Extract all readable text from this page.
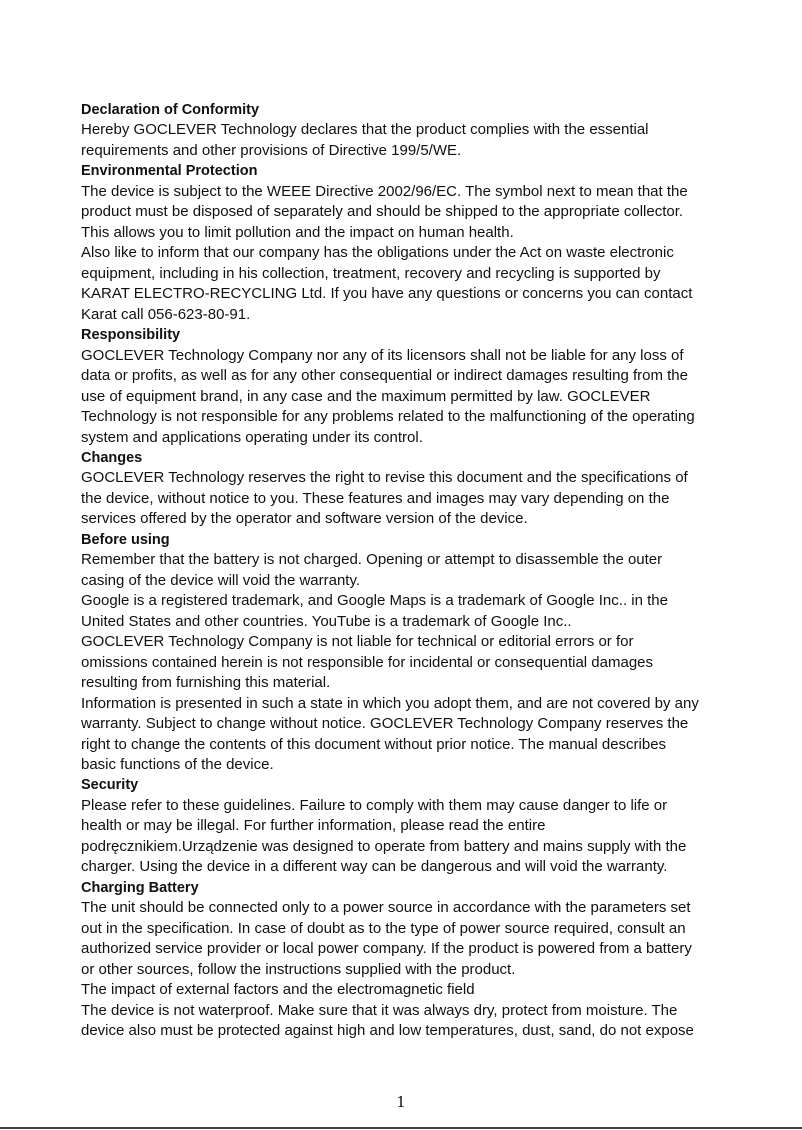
Declaration of Conformity
Hereby GOCLEVER Technology declares that the product complies with the essential
requirements and other provisions of Directive 199/5/WE.
Environmental Protection
The device is subject to the WEEE Directive 2002/96/EC. The symbol next to mean that the
product must be disposed of separately and should be shipped to the appropriate collector.
This allows you to limit pollution and the impact on human health.
Also like to inform that our company has the obligations under the Act on waste electronic
equipment, including in his collection, treatment, recovery and recycling is supported by
KARAT ELECTRO-RECYCLING Ltd. If you have any questions or concerns you can contact
Karat call 056-623-80-91.
Responsibility
GOCLEVER Technology Company nor any of its licensors shall not be liable for any loss of
data or profits, as well as for any other consequential or indirect damages resulting from the
use of equipment brand, in any case and the maximum permitted by law. GOCLEVER
Technology is not responsible for any problems related to the malfunctioning of the operating
system and applications operating under its control.
Changes
GOCLEVER Technology reserves the right to revise this document and the specifications of
the device, without notice to you. These features and images may vary depending on the
services offered by the operator and software version of the device.
Before using
Remember that the battery is not charged. Opening or attempt to disassemble the outer
casing of the device will void the warranty.
Google is a registered trademark, and Google Maps is a trademark of Google Inc.. in the
United States and other countries. YouTube is a trademark of Google Inc..
GOCLEVER Technology Company is not liable for technical or editorial errors or for
omissions contained herein is not responsible for incidental or consequential damages
resulting from furnishing this material.
Information is presented in such a state in which you adopt them, and are not covered by any
warranty. Subject to change without notice. GOCLEVER Technology Company reserves the
right to change the contents of this document without prior notice. The manual describes
basic functions of the device.
Security
Please refer to these guidelines. Failure to comply with them may cause danger to life or
health or may be illegal. For further information, please read the entire
podręcznikiem.Urządzenie was designed to operate from battery and mains supply with the
charger. Using the device in a different way can be dangerous and will void the warranty.
Charging Battery
The unit should be connected only to a power source in accordance with the parameters set
out in the specification. In case of doubt as to the type of power source required, consult an
authorized service provider or local power company. If the product is powered from a battery
or other sources, follow the instructions supplied with the product.
The impact of external factors and the electromagnetic field
The device is not waterproof. Make sure that it was always dry, protect from moisture. The
device also must be protected against high and low temperatures, dust, sand, do not expose
1
